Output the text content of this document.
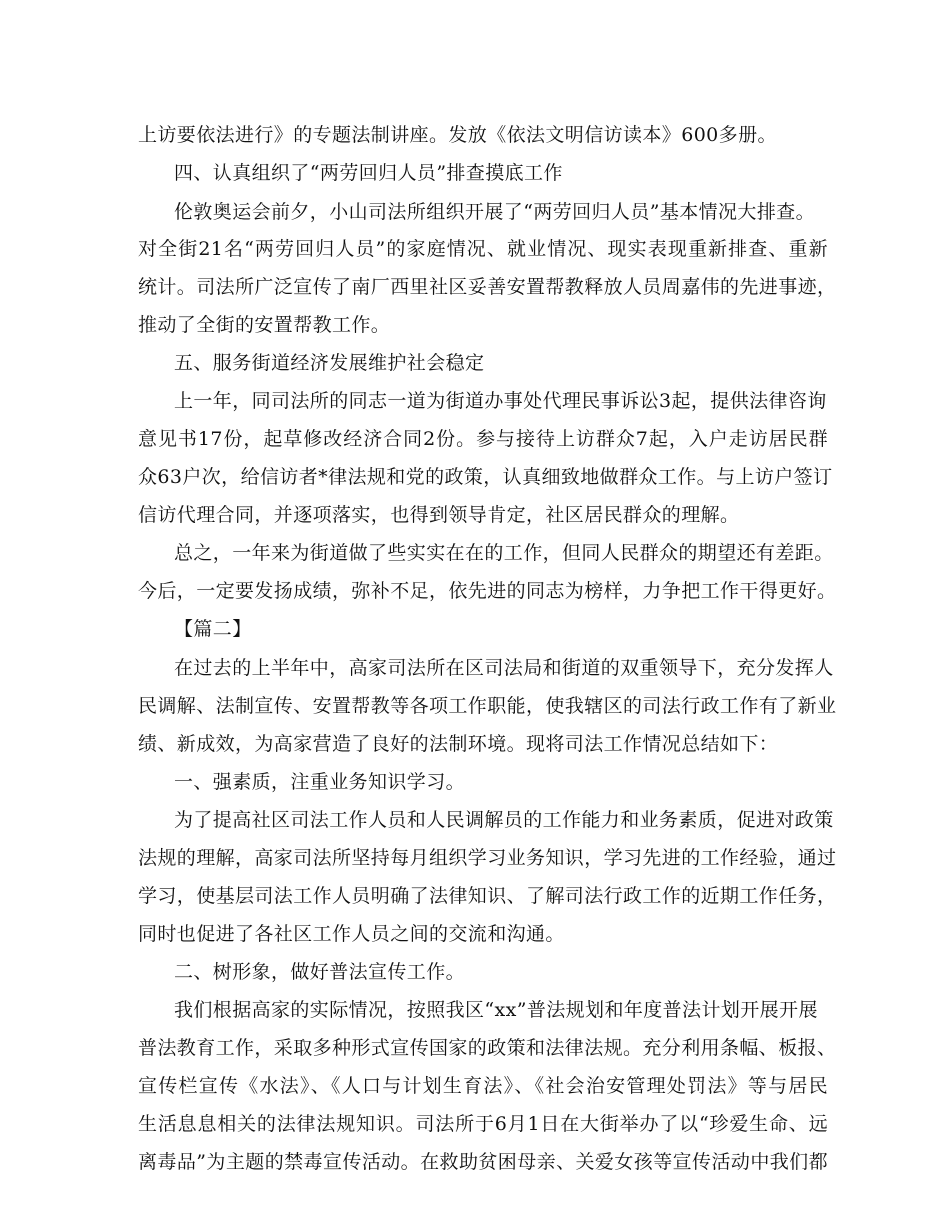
上访要依法进行》的专题法制讲座。发放《依法文明信访读本》600多册。
四、认真组织了“两劳回归人员”排查摸底工作
伦敦奥运会前夕，小山司法所组织开展了“两劳回归人员”基本情况大排查。
对全街21名“两劳回归人员”的家庭情况、就业情况、现实表现重新排查、重新
统计。司法所广泛宣传了南厂西里社区妥善安置帮教释放人员周嘉伟的先进事迹，
推动了全街的安置帮教工作。
五、服务街道经济发展维护社会稳定
上一年，同司法所的同志一道为街道办事处代理民事诉讼3起，提供法律咨询
意见书17份，起草修改经济合同2份。参与接待上访群众7起，入户走访居民群
众63户次，给信访者*律法规和党的政策，认真细致地做群众工作。与上访户签订
信访代理合同，并逐项落实，也得到领导肯定，社区居民群众的理解。
总之，一年来为街道做了些实实在在的工作，但同人民群众的期望还有差距。
今后，一定要发扬成绩，弥补不足，依先进的同志为榜样，力争把工作干得更好。
【篇二】
在过去的上半年中，高家司法所在区司法局和街道的双重领导下，充分发挥人
民调解、法制宣传、安置帮教等各项工作职能，使我辖区的司法行政工作有了新业
绩、新成效，为高家营造了良好的法制环境。现将司法工作情况总结如下：
一、强素质，注重业务知识学习。
为了提高社区司法工作人员和人民调解员的工作能力和业务素质，促进对政策
法规的理解，高家司法所坚持每月组织学习业务知识，学习先进的工作经验，通过
学习，使基层司法工作人员明确了法律知识、了解司法行政工作的近期工作任务，
同时也促进了各社区工作人员之间的交流和沟通。
二、树形象，做好普法宣传工作。
我们根据高家的实际情况，按照我区“xx”普法规划和年度普法计划开展开展
普法教育工作，采取多种形式宣传国家的政策和法律法规。充分利用条幅、板报、
宣传栏宣传《水法》、《人口与计划生育法》、《社会治安管理处罚法》等与居民
生活息息相关的法律法规知识。司法所于6月1日在大街举办了以“珍爱生命、远
离毒品”为主题的禁毒宣传活动。在救助贫困母亲、关爱女孩等宣传活动中我们都
